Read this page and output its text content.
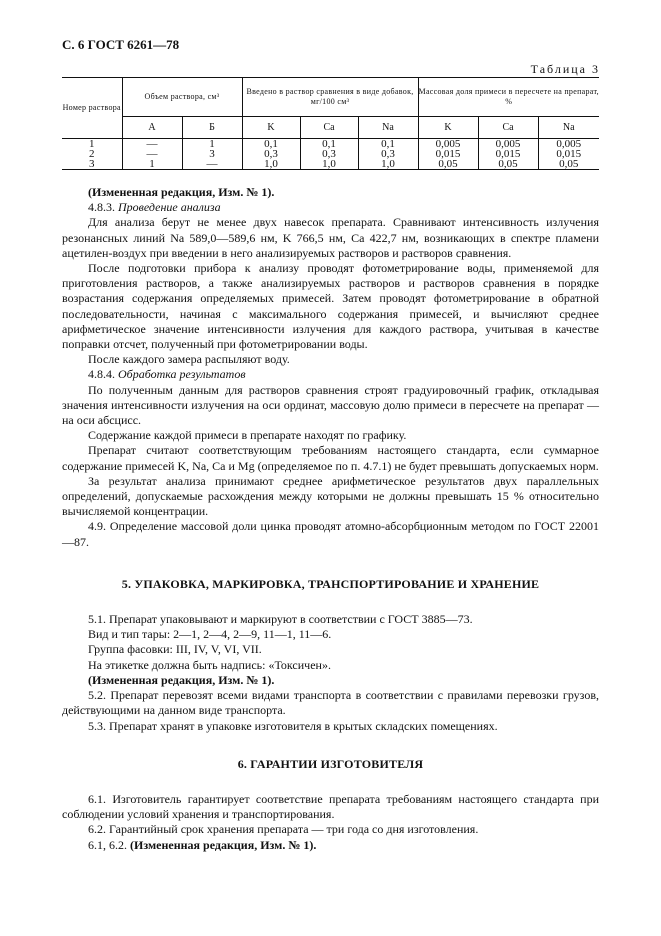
С. 6 ГОСТ 6261—78
Таблица 3
Номер раствора	Объем раствора, см³		Введено в раствор сравнения в виде добавок, мг/100 см³			Массовая доля примеси в пересчете на препарат, %		
	А	Б	K	Ca	Na	K	Ca	Na
1	—	1	0,1	0,1	0,1	0,005	0,005	0,005
2	—	3	0,3	0,3	0,3	0,015	0,015	0,015
3	1	—	1,0	1,0	1,0	0,05	0,05	0,05

(Измененная редакция, Изм. № 1).

4.8.3. Проведение анализа

Для анализа берут не менее двух навесок препарата. Сравнивают интенсивность излучения резонансных линий Na 589,0—589,6 нм, K 766,5 нм, Ca 422,7 нм, возникающих в спектре пламени ацетилен-воздух при введении в него анализируемых растворов и растворов сравнения.

После подготовки прибора к анализу проводят фотометрирование воды, применяемой для приготовления растворов, а также анализируемых растворов и растворов сравнения в порядке возрастания содержания определяемых примесей. Затем проводят фотометрирование в обратной последовательности, начиная с максимального содержания примесей, и вычисляют среднее арифметическое значение интенсивности излучения для каждого раствора, учитывая в качестве поправки отсчет, полученный при фотометрировании воды.

После каждого замера распыляют воду.

4.8.4. Обработка результатов

По полученным данным для растворов сравнения строят градуировочный график, откладывая значения интенсивности излучения на оси ординат, массовую долю примеси в пересчете на препарат — на оси абсцисс.

Содержание каждой примеси в препарате находят по графику.

Препарат считают соответствующим требованиям настоящего стандарта, если суммарное содержание примесей K, Na, Ca и Mg (определяемое по п. 4.7.1) не будет превышать допускаемых норм.

За результат анализа принимают среднее арифметическое результатов двух параллельных определений, допускаемые расхождения между которыми не должны превышать 15 % относительно вычисляемой концентрации.

4.9. Определение массовой доли цинка проводят атомно-абсорбционным методом по ГОСТ 22001—87.

5. УПАКОВКА, МАРКИРОВКА, ТРАНСПОРТИРОВАНИЕ И ХРАНЕНИЕ

5.1. Препарат упаковывают и маркируют в соответствии с ГОСТ 3885—73.

Вид и тип тары: 2—1, 2—4, 2—9, 11—1, 11—6.

Группа фасовки: III, IV, V, VI, VII.

На этикетке должна быть надпись: «Токсичен».

(Измененная редакция, Изм. № 1).

5.2. Препарат перевозят всеми видами транспорта в соответствии с правилами перевозки грузов, действующими на данном виде транспорта.

5.3. Препарат хранят в упаковке изготовителя в крытых складских помещениях.

6. ГАРАНТИИ ИЗГОТОВИТЕЛЯ

6.1. Изготовитель гарантирует соответствие препарата требованиям настоящего стандарта при соблюдении условий хранения и транспортирования.

6.2. Гарантийный срок хранения препарата — три года со дня изготовления.

6.1, 6.2. (Измененная редакция, Изм. № 1).
